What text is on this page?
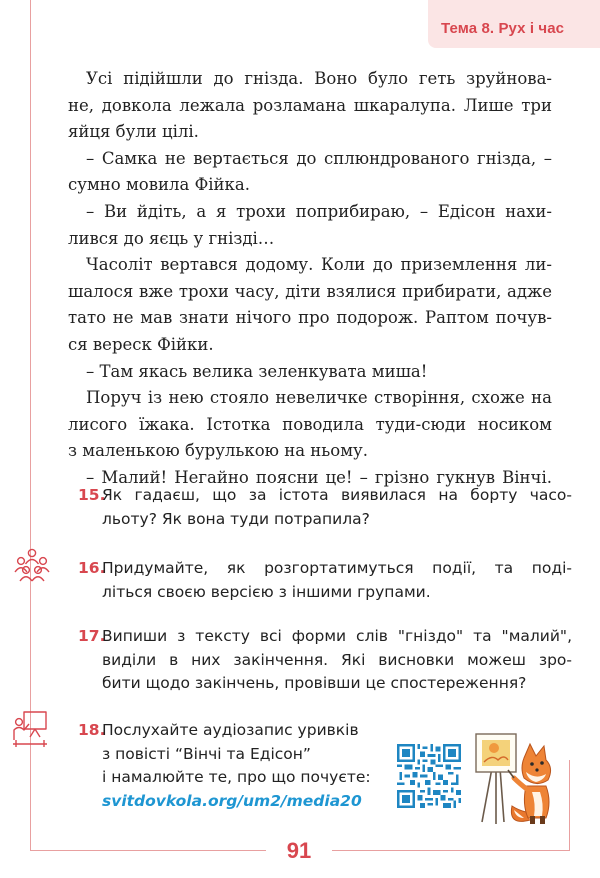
Тема 8. Рух і час
Усі підійшли до гнізда. Воно було геть зруйнова-
не, довкола лежала розламана шкаралупа. Лише три
яйця були цілі.
– Самка не вертається до сплюндрованого гнізда, –
сумно мовила Фійка.
– Ви йдіть, а я трохи поприбираю, – Едісон нахи-
лився до яєць у гнізді…
Часоліт вертався додому. Коли до приземлення ли-
шалося вже трохи часу, діти взялися прибирати, адже
тато не мав знати нічого про подорож. Раптом почув-
ся вереск Фійки.
– Там якась велика зеленкувата миша!
Поруч із нею стояло невеличке створіння, схоже на
лисого їжака. Істотка поводила туди-сюди носиком
з маленькою бурулькою на ньому.
– Малий! Негайно поясни це! – грізно гукнув Вінчі.
15.
Як гадаєш, що за істота виявилася на борту часо-
льоту? Як вона туди потрапила?
16.
Придумайте, як розгортатимуться події, та поді-
літься своєю версією з іншими групами.
17.
Випиши з тексту всі форми слів "гніздо" та "малий",
виділи в них закінчення. Які висновки можеш зро-
бити щодо закінчень, провівши це спостереження?
18.
Послухайте аудіозапис уривків
з повісті “Вінчі та Едісон”
і намалюйте те, про що почуєте:
svitdovkola.org/um2/media20
91
